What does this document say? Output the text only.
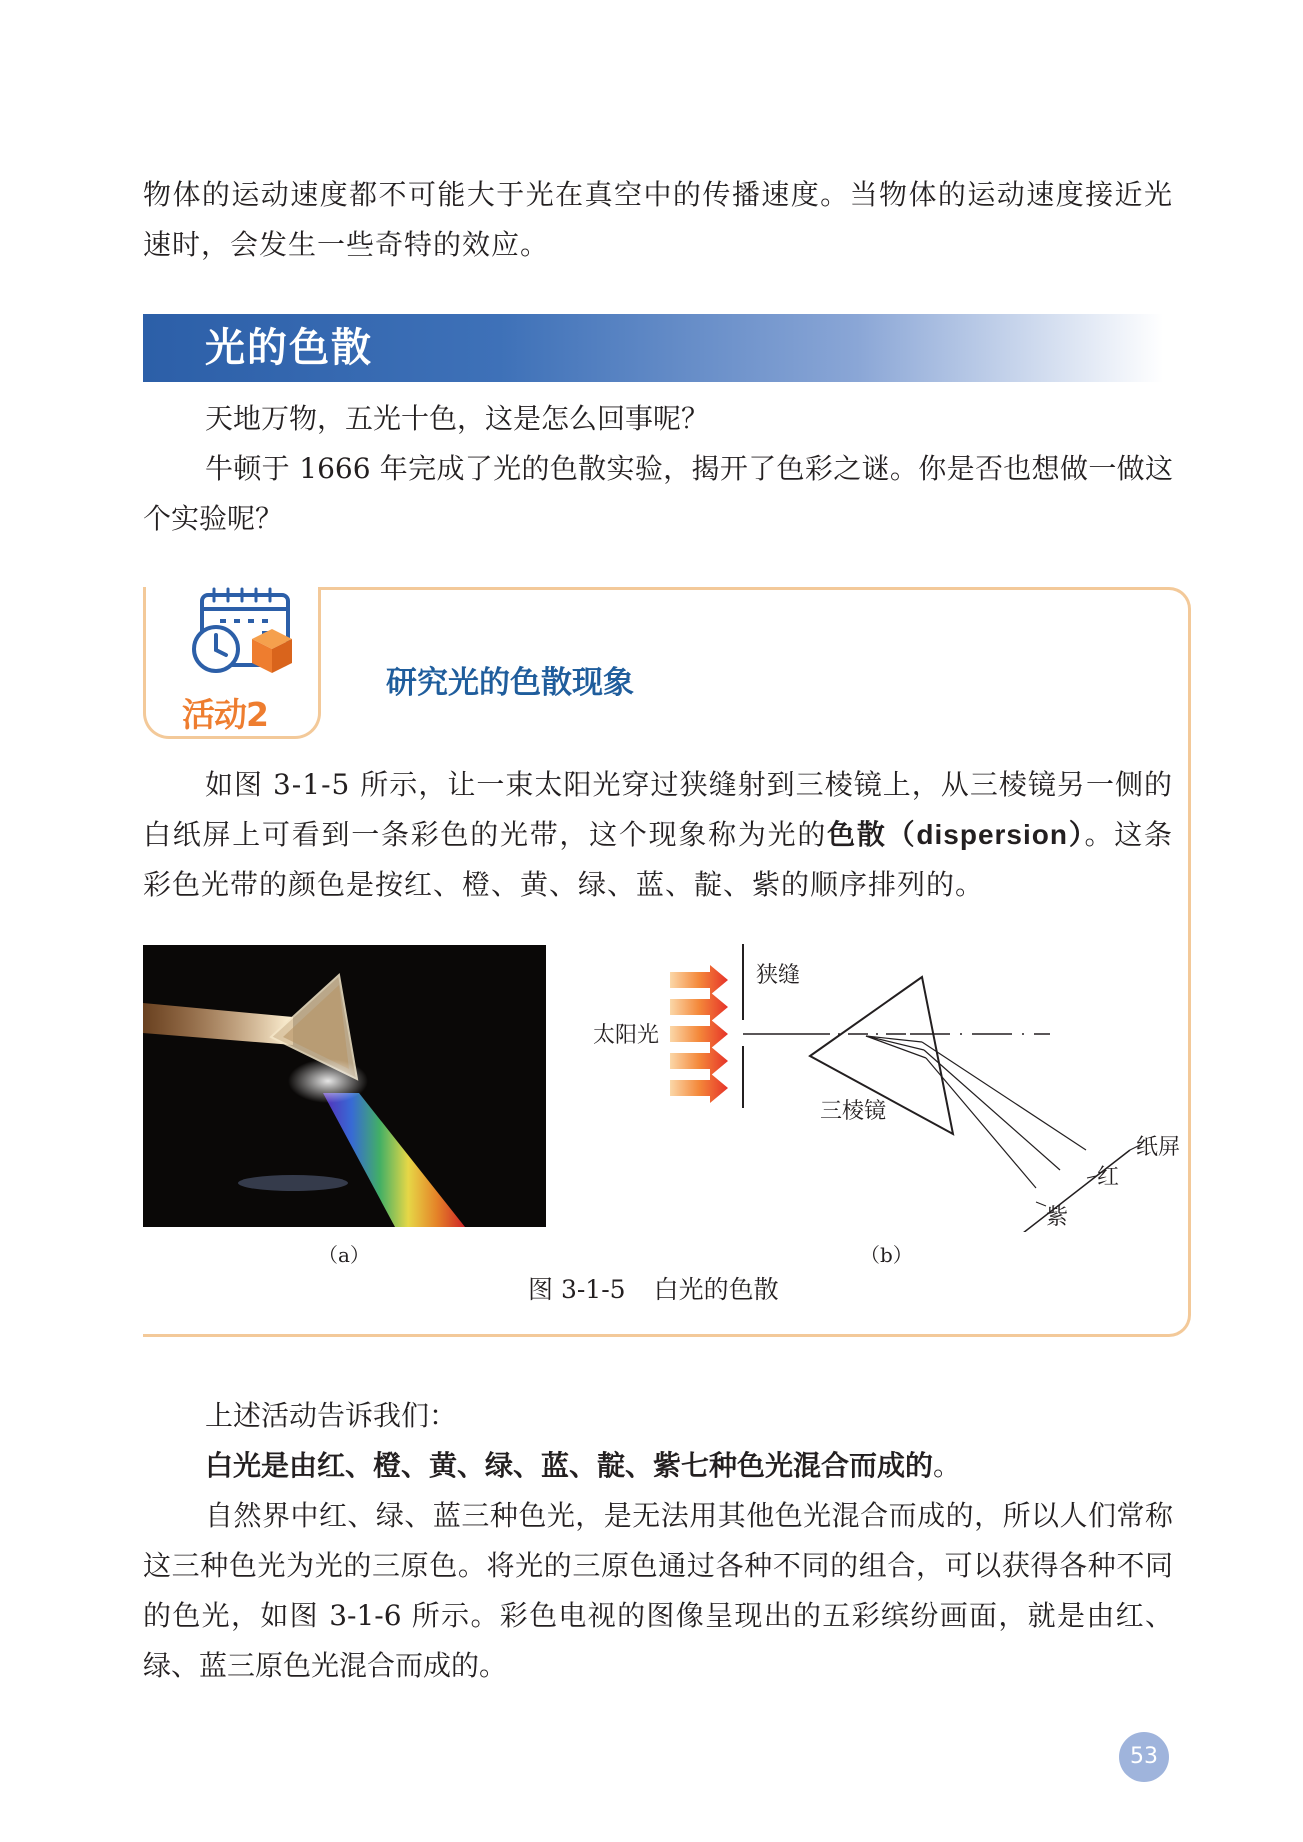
物体的运动速度都不可能大于光在真空中的传播速度。当物体的运动速度接近光速时，会发生一些奇特的效应。

光的色散

天地万物，五光十色，这是怎么回事呢？

牛顿于 1666 年完成了光的色散实验，揭开了色彩之谜。你是否也想做一做这个实验呢？

活动2
研究光的色散现象

如图 3-1-5 所示，让一束太阳光穿过狭缝射到三棱镜上，从三棱镜另一侧的白纸屏上可看到一条彩色的光带，这个现象称为光的色散（dispersion）。这条彩色光带的颜色是按红、橙、黄、绿、蓝、靛、紫的顺序排列的。

（a）
狭缝
太阳光
三棱镜
纸屏
红
紫
（b）
图 3-1-5 白光的色散

上述活动告诉我们：

白光是由红、橙、黄、绿、蓝、靛、紫七种色光混合而成的。

自然界中红、绿、蓝三种色光，是无法用其他色光混合而成的，所以人们常称这三种色光为光的三原色。将光的三原色通过各种不同的组合，可以获得各种不同的色光，如图 3-1-6 所示。彩色电视的图像呈现出的五彩缤纷画面，就是由红、绿、蓝三原色光混合而成的。

53
